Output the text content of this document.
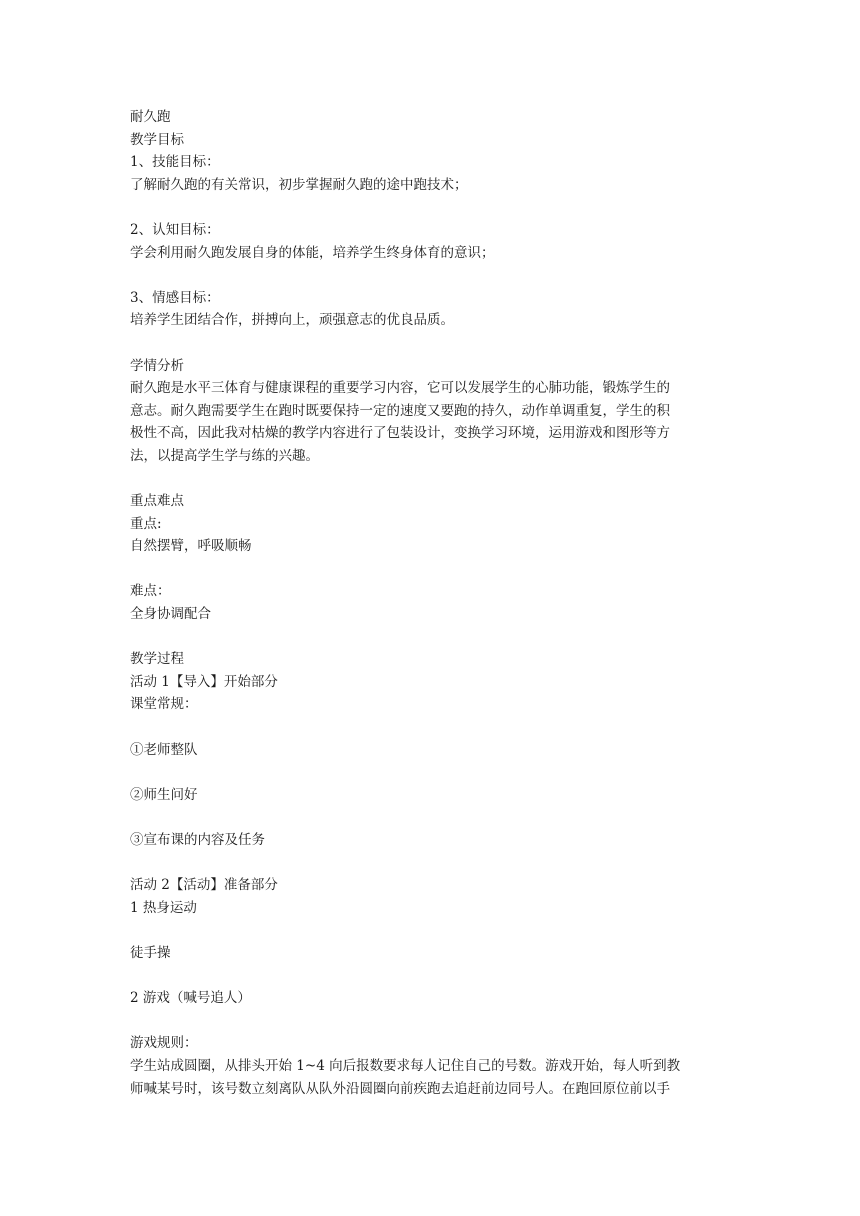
耐久跑
教学目标
1、技能目标：
了解耐久跑的有关常识，初步掌握耐久跑的途中跑技术；
2、认知目标：
学会利用耐久跑发展自身的体能，培养学生终身体育的意识；
3、情感目标：
培养学生团结合作，拼搏向上，顽强意志的优良品质。
学情分析
耐久跑是水平三体育与健康课程的重要学习内容，它可以发展学生的心肺功能，锻炼学生的
意志。耐久跑需要学生在跑时既要保持一定的速度又要跑的持久，动作单调重复，学生的积
极性不高，因此我对枯燥的教学内容进行了包装设计，变换学习环境，运用游戏和图形等方
法，以提高学生学与练的兴趣。
重点难点
重点:
自然摆臂，呼吸顺畅
难点：
全身协调配合
教学过程
活动 1【导入】开始部分
课堂常规：
①老师整队
②师生问好
③宣布课的内容及任务
活动 2【活动】准备部分
1 热身运动
徒手操
2 游戏（喊号追人）
游戏规则：
学生站成圆圈，从排头开始 1~4 向后报数要求每人记住自己的号数。游戏开始，每人听到教
师喊某号时，该号数立刻离队从队外沿圆圈向前疾跑去追赶前边同号人。在跑回原位前以手
